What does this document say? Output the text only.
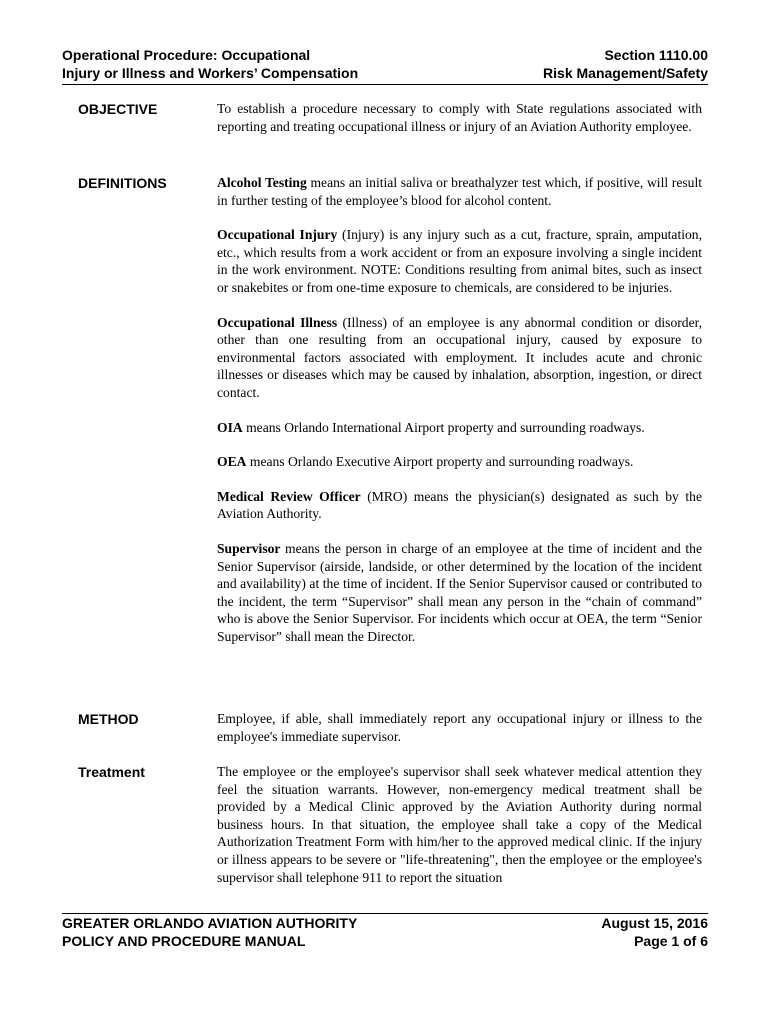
Operational Procedure: Occupational
Injury or Illness and Workers’ Compensation
Section 1110.00
Risk Management/Safety
OBJECTIVE	To establish a procedure necessary to comply with State regulations associated with reporting and treating occupational illness or injury of an Aviation Authority employee.

DEFINITIONS	Alcohol Testing means an initial saliva or breathalyzer test which, if positive, will result in further testing of the employee’s blood for alcohol content.

Occupational Injury (Injury) is any injury such as a cut, fracture, sprain, amputation, etc., which results from a work accident or from an exposure involving a single incident in the work environment. NOTE: Conditions resulting from animal bites, such as insect or snakebites or from one-time exposure to chemicals, are considered to be injuries.

Occupational Illness (Illness) of an employee is any abnormal condition or disorder, other than one resulting from an occupational injury, caused by exposure to environmental factors associated with employment. It includes acute and chronic illnesses or diseases which may be caused by inhalation, absorption, ingestion, or direct contact.

OIA means Orlando International Airport property and surrounding roadways.

OEA means Orlando Executive Airport property and surrounding roadways.

Medical Review Officer (MRO) means the physician(s) designated as such by the Aviation Authority.

Supervisor means the person in charge of an employee at the time of incident and the Senior Supervisor (airside, landside, or other determined by the location of the incident and availability) at the time of incident. If the Senior Supervisor caused or contributed to the incident, the term “Supervisor” shall mean any person in the “chain of command” who is above the Senior Supervisor. For incidents which occur at OEA, the term “Senior Supervisor” shall mean the Director.

METHOD	Employee, if able, shall immediately report any occupational injury or illness to the employee's immediate supervisor.

Treatment	The employee or the employee's supervisor shall seek whatever medical attention they feel the situation warrants. However, non-emergency medical treatment shall be provided by a Medical Clinic approved by the Aviation Authority during normal business hours. In that situation, the employee shall take a copy of the Medical Authorization Treatment Form with him/her to the approved medical clinic. If the injury or illness appears to be severe or "life-threatening", then the employee or the employee's supervisor shall telephone 911 to report the situation

GREATER ORLANDO AVIATION AUTHORITY
POLICY AND PROCEDURE MANUAL
August 15, 2016
Page 1 of 6
